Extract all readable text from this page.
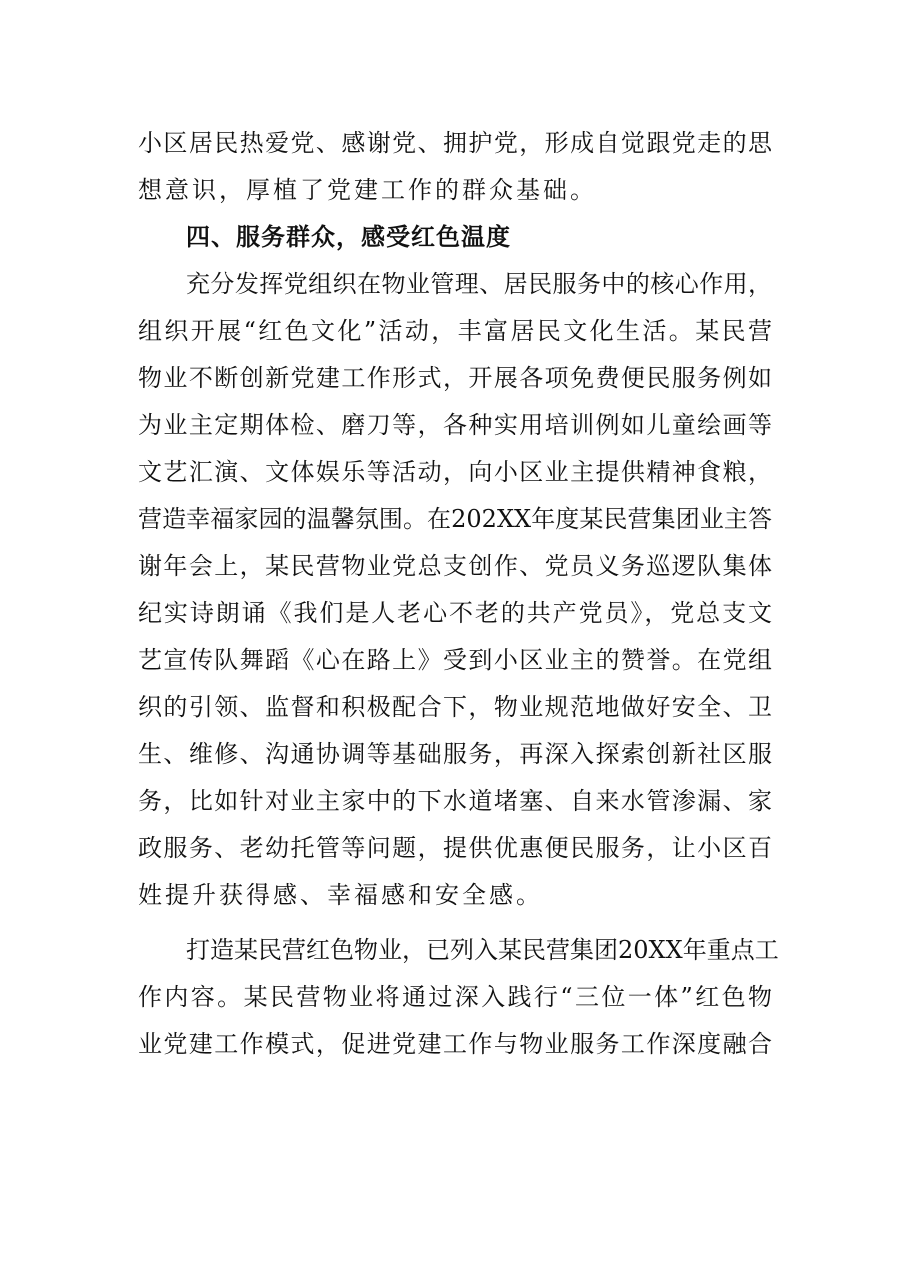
小区居民热爱党、感谢党、拥护党，形成自觉跟党走的思
想意识，厚植了党建工作的群众基础。
四、服务群众，感受红色温度
充分发挥党组织在物业管理、居民服务中的核心作用，
组织开展“红色文化”活动，丰富居民文化生活。某民营
物业不断创新党建工作形式，开展各项免费便民服务例如
为业主定期体检、磨刀等，各种实用培训例如儿童绘画等
文艺汇演、文体娱乐等活动，向小区业主提供精神食粮，
营造幸福家园的温馨氛围。在202XX年度某民营集团业主答
谢年会上，某民营物业党总支创作、党员义务巡逻队集体
纪实诗朗诵《我们是人老心不老的共产党员》，党总支文
艺宣传队舞蹈《心在路上》受到小区业主的赞誉。在党组
织的引领、监督和积极配合下，物业规范地做好安全、卫
生、维修、沟通协调等基础服务，再深入探索创新社区服
务，比如针对业主家中的下水道堵塞、自来水管渗漏、家
政服务、老幼托管等问题，提供优惠便民服务，让小区百
姓提升获得感、幸福感和安全感。
打造某民营红色物业，已列入某民营集团20XX年重点工
作内容。某民营物业将通过深入践行“三位一体”红色物
业党建工作模式，促进党建工作与物业服务工作深度融合
